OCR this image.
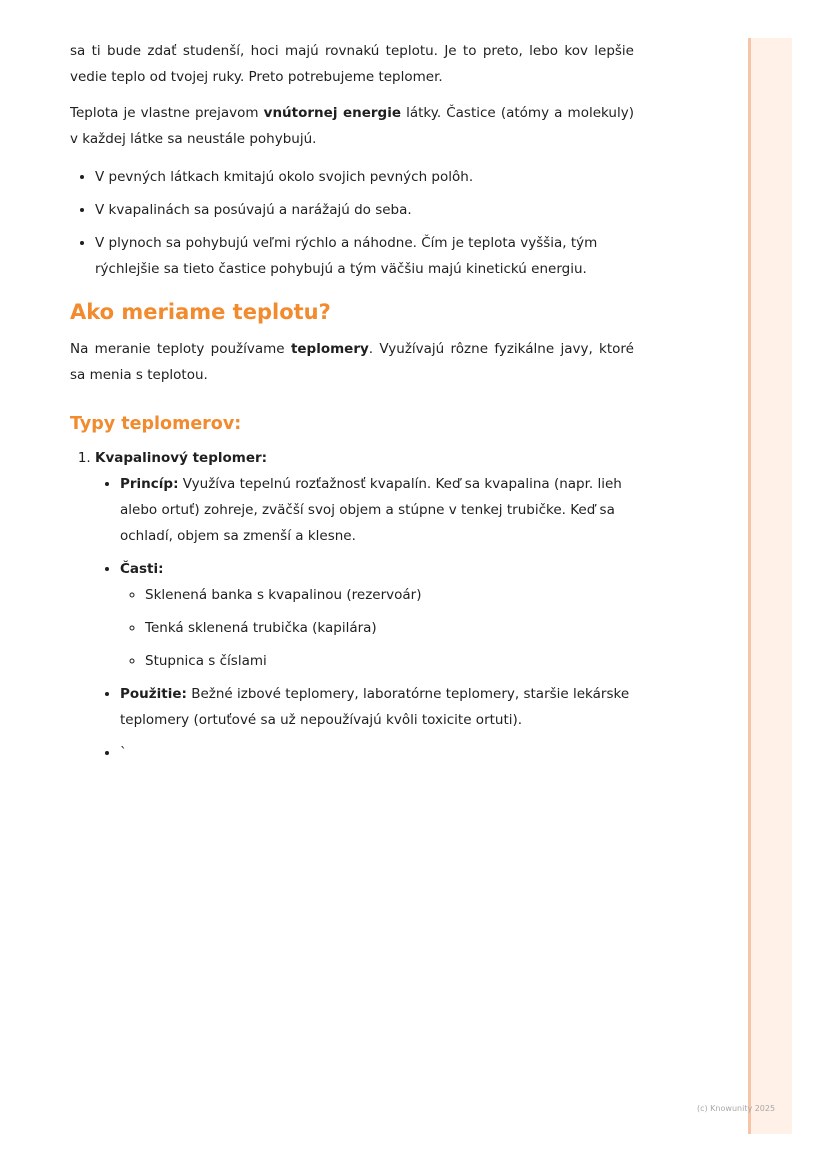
sa ti bude zdať studenší, hoci majú rovnakú teplotu. Je to preto, lebo kov lepšie vedie teplo od tvojej ruky. Preto potrebujeme teplomer.

Teplota je vlastne prejavom vnútornej energie látky. Častice (atómy a molekuly) v každej látke sa neustále pohybujú.

• V pevných látkach kmitajú okolo svojich pevných polôh.
• V kvapalinách sa posúvajú a narážajú do seba.
• V plynoch sa pohybujú veľmi rýchlo a náhodne. Čím je teplota vyššia, tým rýchlejšie sa tieto častice pohybujú a tým väčšiu majú kinetickú energiu.
Ako meriame teplotu?

Na meranie teploty používame teplomery. Využívajú rôzne fyzikálne javy, ktoré sa menia s teplotou.

Typy teplomerov:
1. Kvapalinový teplomer:
• Princíp: Využíva tepelnú rozťažnosť kvapalín. Keď sa kvapalina (napr. lieh alebo ortuť) zohreje, zväčší svoj objem a stúpne v tenkej trubičke. Keď sa ochladí, objem sa zmenší a klesne.
• Časti:
◦ Sklenená banka s kvapalinou (rezervoár)
◦ Tenká sklenená trubička (kapilára)
◦ Stupnica s číslami
• Použitie: Bežné izbové teplomery, laboratórne teplomery, staršie lekárske teplomery (ortuťové sa už nepoužívajú kvôli toxicite ortuti).
• `
(c) Knowunity 2025
